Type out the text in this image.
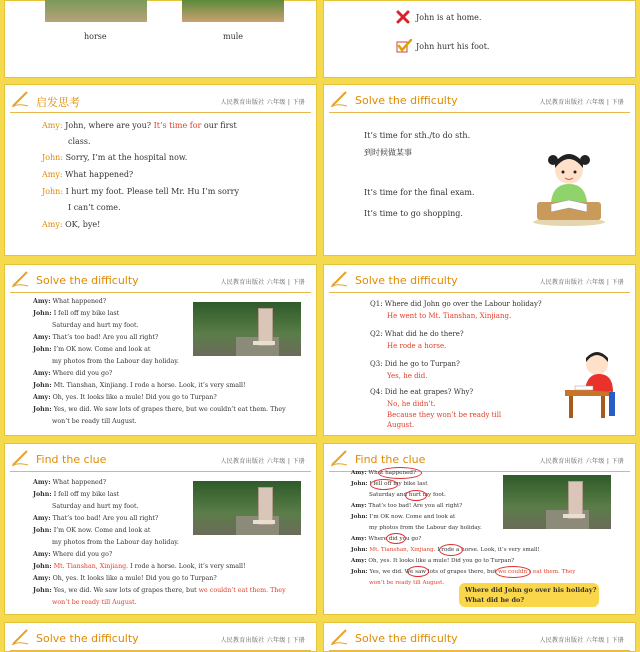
horse	mule
John is at home.
John hurt his foot.
启发思考	人民教育出版社 六年级 | 下册
Amy: John, where are you? It’s time for our first
class.
John: Sorry, I’m at the hospital now.
Amy: What happened?
John: I hurt my foot. Please tell Mr. Hu I’m sorry
I can’t come.
Amy: OK, bye!
Solve the difficulty	人民教育出版社 六年级 | 下册
It’s time for sth./to do sth.
到时候做某事
It’s time for the final exam.
It’s time to go shopping.
Solve the difficulty	人民教育出版社 六年级 | 下册
Amy: What happened?
John: I fell off my bike last
Saturday and hurt my foot.
Amy: That’s too bad! Are you all right?
John: I’m OK now. Come and look at
my photos from the Labour day holiday.
Amy: Where did you go?
John: Mt. Tianshan, Xinjiang. I rode a horse. Look, it’s very small!
Amy: Oh, yes. It looks like a mule! Did you go to Turpan?
John: Yes, we did. We saw lots of grapes there, but we couldn’t eat them. They
won’t be ready till August.
Solve the difficulty	人民教育出版社 六年级 | 下册
Q1: Where did John go over the Labour holiday?
He went to Mt. Tianshan, Xinjiang.
Q2: What did he do there?
He rode a horse.
Q3: Did he go to Turpan?
Yes, he did.
Q4: Did he eat grapes? Why?
No, he didn’t.
Because they won’t be ready till
August.
Find the clue	人民教育出版社 六年级 | 下册
Amy: What happened?
John: I fell off my bike last
Saturday and hurt my foot.
Amy: That’s too bad! Are you all right?
John: I’m OK now. Come and look at
my photos from the Labour day holiday.
Amy: Where did you go?
John: Mt. Tianshan, Xinjiang. I rode a horse. Look, it’s very small!
Amy: Oh, yes. It looks like a mule! Did you go to Turpan?
John: Yes, we did. We saw lots of grapes there, but we couldn’t eat them. They
won’t be ready till August.
Find the clue	人民教育出版社 六年级 | 下册
Amy: What happened?
John: I fell off my bike last
Saturday and hurt my foot.
Amy: That’s too bad! Are you all right?
John: I’m OK now. Come and look at
my photos from the Labour day holiday.
Amy: Where did you go?
John: Mt. Tianshan, Xinjiang. I rode a horse. Look, it’s very small!
Amy: Oh, yes. It looks like a mule! Did you go to Turpan?
John: Yes, we did. We saw lots of grapes there, but we couldn’t eat them. They
won’t be ready till August.
Where did John go over his holiday?
What did he do?
Solve the difficulty	人民教育出版社 六年级 | 下册	Solve the difficulty	人民教育出版社 六年级 | 下册
